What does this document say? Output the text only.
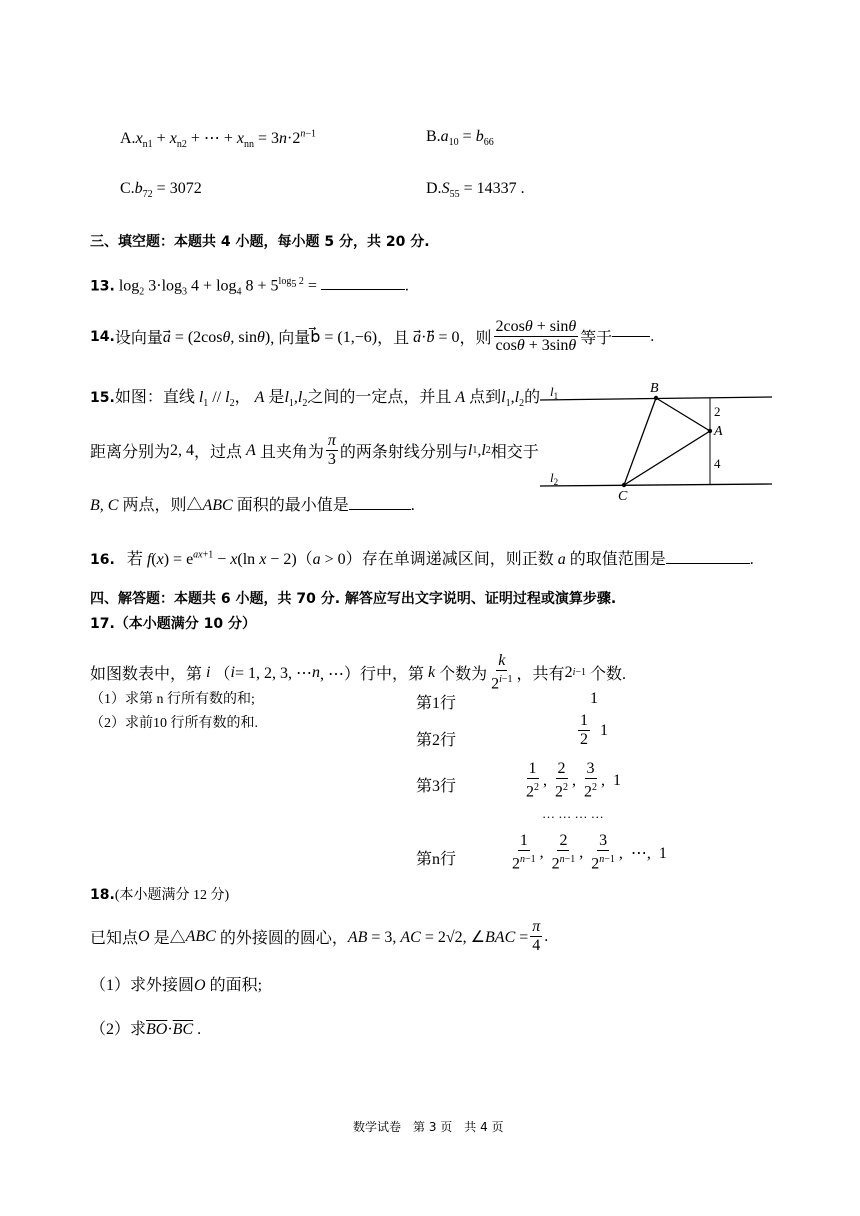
$A.x_{n1} + x_{n2}$ + ⋯ + $x_{nn} = 3n\cdot 2^{n-1}$	$B.a_{10} = b_{66}$
$C.b_{72} = 3072$	$D.S_{55} = 14337$ .
三、填空题：本题共 4 小题，每小题 5 分，共 20 分.
13. $\log_2 3\cdot\log_3$ $4 + \log_4 8 + 5^{log_5 2}$ =	.
14. 设向量 a⃗ = (2cosθ, sinθ) , 向量 b⃗ = (1,−6) ，且 a⃗·b⃗ = 0 ，则 $\frac{2\cos\theta + \sin\theta}{\cos\theta + 3\sin\theta}$ 等于 .
15.如图：直线 $l_1 // l_2$， A 是$l_1,l_2$之间的一定点，并且 A 点到$l_1,l_2$的
距离分别为 2, 4 ，过点
A
且夹角为 $\frac{\pi}{3}$ 的两条射线分别与 l 1 , l 2 相交于
B, C 两点，则△ABC 面积的最小值是	.
B
A
C
$l_1$
$l_2$
2
4
16. 若 $f(x) = e^{ax+1} - x(\ln$ x − 2)（a > 0）存在单调递减区间，则正数 a 的取值范围是	.
四、解答题：本题共 6 小题，共 70 分. 解答应写出文字说明、证明过程或演算步骤.
17.（本小题满分 10 分）
如图数表中，第
i （ i = 1, 2, 3, ⋯ n , ⋯） 行中，第
k
个数为 $\frac{k}{2^{i-1}}$ ，共有 2 i−1
个数.
（1）求第 n 行所有数的和;
（2）求前10 行所有数的和.
第1行	1
第2行	$\frac{1}{2} 1$
第3行	$\frac{1}{2^2}$ , $\frac{2}{2^2}$ , $\frac{3}{2^2}$ ,  1
… … … …
第n行	$\frac{1}{2^{n-1}}$ , $\frac{2}{2^{n-1}}$ , $\frac{3}{2^{n-1}}$ ,  ⋯,  1
18.(本小题满分 12 分)
已知点 O
是△ ABC
的外接圆的圆心， AB = 3, AC = 2√2, ∠BAC = $\frac{\pi}{4}$ .
（1）求外接圆O 的面积;
（2）求$\overline{BO}\cdot\overline{BC}$ .
数学试卷　第 3 页　共 4 页
